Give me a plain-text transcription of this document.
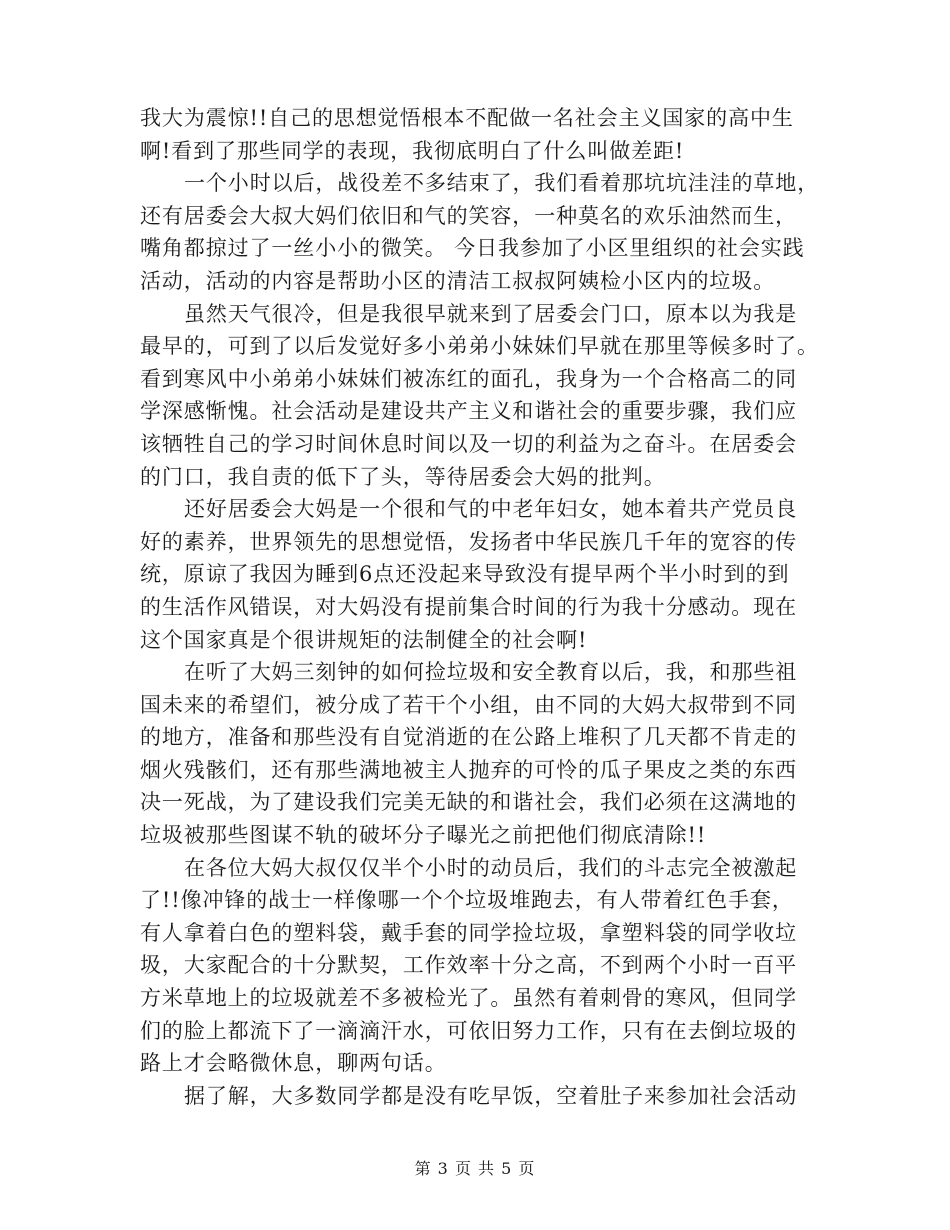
我大为震惊!!自己的思想觉悟根本不配做一名社会主义国家的高中生
啊!看到了那些同学的表现，我彻底明白了什么叫做差距!
一个小时以后，战役差不多结束了，我们看着那坑坑洼洼的草地，
还有居委会大叔大妈们依旧和气的笑容，一种莫名的欢乐油然而生，
嘴角都掠过了一丝小小的微笑。 今日我参加了小区里组织的社会实践
活动，活动的内容是帮助小区的清洁工叔叔阿姨检小区内的垃圾。
虽然天气很冷，但是我很早就来到了居委会门口，原本以为我是
最早的，可到了以后发觉好多小弟弟小妹妹们早就在那里等候多时了。
看到寒风中小弟弟小妹妹们被冻红的面孔，我身为一个合格高二的同
学深感惭愧。社会活动是建设共产主义和谐社会的重要步骤，我们应
该牺牲自己的学习时间休息时间以及一切的利益为之奋斗。在居委会
的门口，我自责的低下了头，等待居委会大妈的批判。
还好居委会大妈是一个很和气的中老年妇女，她本着共产党员良
好的素养，世界领先的思想觉悟，发扬者中华民族几千年的宽容的传
统，原谅了我因为睡到6点还没起来导致没有提早两个半小时到的到
的生活作风错误，对大妈没有提前集合时间的行为我十分感动。现在
这个国家真是个很讲规矩的法制健全的社会啊!
在听了大妈三刻钟的如何捡垃圾和安全教育以后，我，和那些祖
国未来的希望们，被分成了若干个小组，由不同的大妈大叔带到不同
的地方，准备和那些没有自觉消逝的在公路上堆积了几天都不肯走的
烟火残骸们，还有那些满地被主人抛弃的可怜的瓜子果皮之类的东西
决一死战，为了建设我们完美无缺的和谐社会，我们必须在这满地的
垃圾被那些图谋不轨的破坏分子曝光之前把他们彻底清除!!
在各位大妈大叔仅仅半个小时的动员后，我们的斗志完全被激起
了!!像冲锋的战士一样像哪一个个垃圾堆跑去，有人带着红色手套，
有人拿着白色的塑料袋，戴手套的同学捡垃圾，拿塑料袋的同学收垃
圾，大家配合的十分默契，工作效率十分之高，不到两个小时一百平
方米草地上的垃圾就差不多被检光了。虽然有着刺骨的寒风，但同学
们的脸上都流下了一滴滴汗水，可依旧努力工作，只有在去倒垃圾的
路上才会略微休息，聊两句话。
据了解，大多数同学都是没有吃早饭，空着肚子来参加社会活动
第 3 页 共 5 页
